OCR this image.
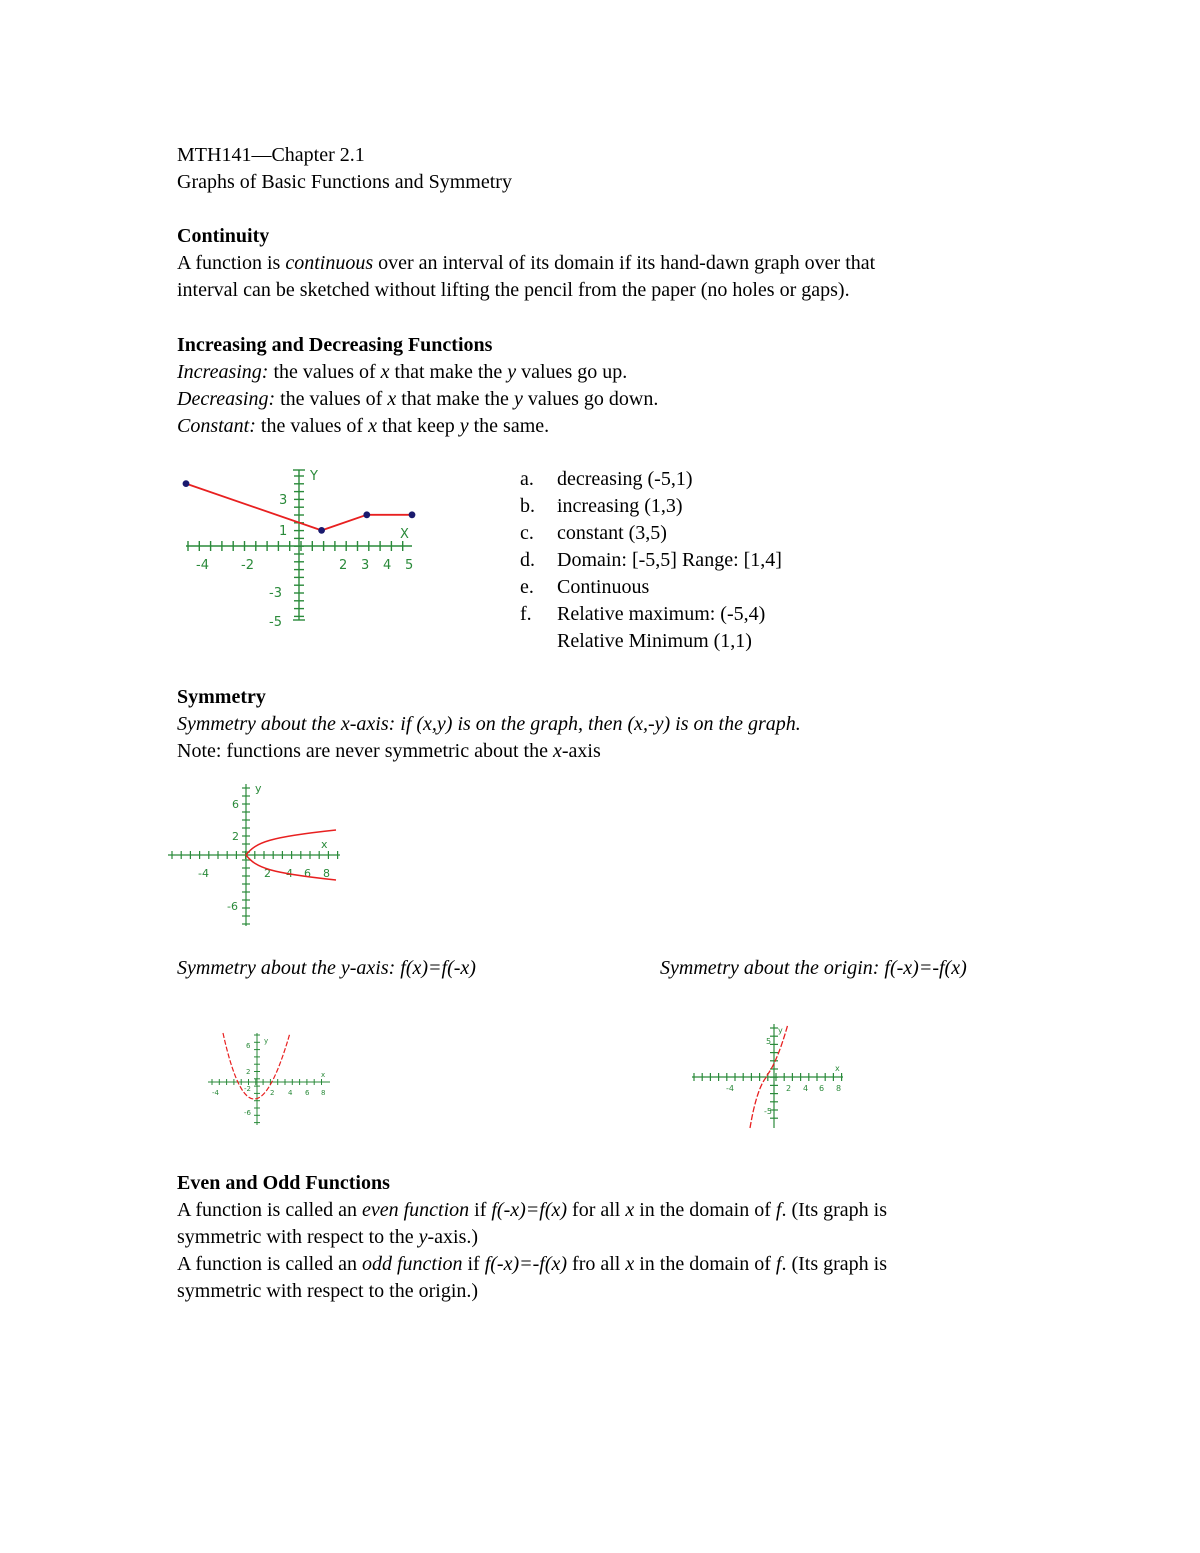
MTH141—Chapter 2.1
Graphs of Basic Functions and Symmetry
Continuity
A function is continuous over an interval of its domain if its hand-dawn graph over that
interval can be sketched without lifting the pencil from the paper (no holes or gaps).
Increasing and Decreasing Functions
Increasing: the values of x that make the y values go up.
Decreasing: the values of x that make the y values go down.
Constant: the values of x that keep y the same.
Y
X
-4 -2	2 3 4 5
3
1
-3
-5
a. decreasing (-5,1)
b. increasing (1,3)
c. constant (3,5)
d. Domain: [-5,5] Range: [1,4]
e. Continuous
f. Relative maximum: (-5,4)
Relative Minimum (1,1)
Symmetry
Symmetry about the x-axis: if (x,y) is on the graph, then (x,-y) is on the graph.
Note: functions are never symmetric about the x-axis
y
x
-4	2 4 6 8
6
2
-6
Symmetry about the y-axis: f(x)=f(-x)	Symmetry about the origin: f(-x)=-f(x)
y
x
-4	2 4 6 8
6
2
-2
-6
y
x
-4	2 4 6 8
5
-5
Even and Odd Functions
A function is called an even function if f(-x)=f(x) for all x in the domain of f. (Its graph is
symmetric with respect to the y-axis.)
A function is called an odd function if f(-x)=-f(x) fro all x in the domain of f. (Its graph is
symmetric with respect to the origin.)
